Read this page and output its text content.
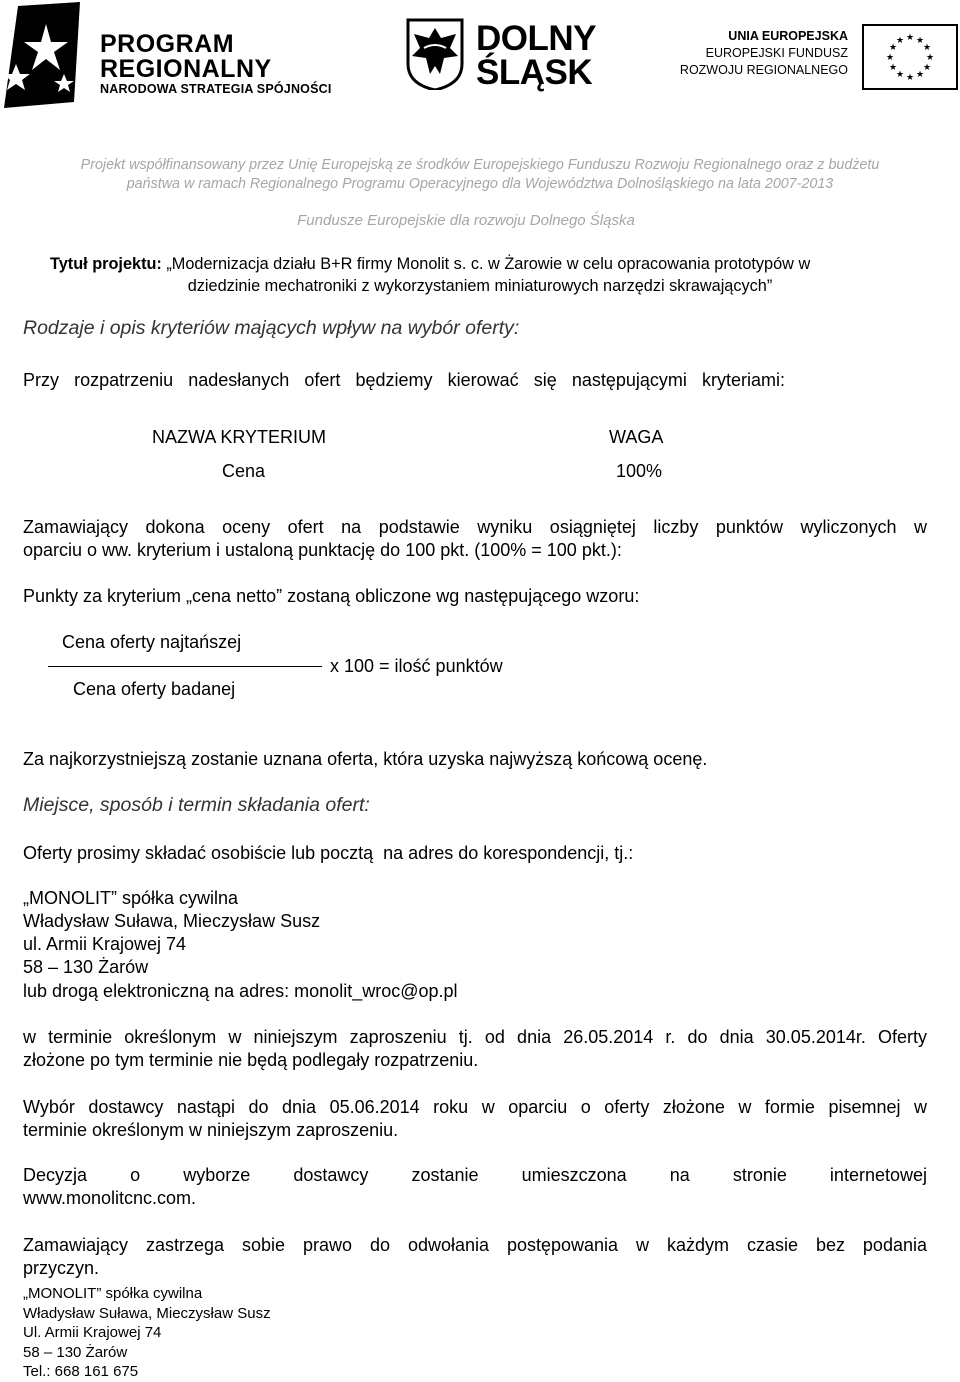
PROGRAM
REGIONALNY
NARODOWA STRATEGIA SPÓJNOŚCI
DOLNY
ŚLĄSK
UNIA EUROPEJSKA
EUROPEJSKI FUNDUSZ
ROZWOJU REGIONALNEGO
★ ★
★
★
★
★
★
★
★
★
★
★
Projekt współfinansowany przez Unię Europejską ze środków Europejskiego Funduszu Rozwoju Regionalnego oraz z budżetu
państwa w ramach Regionalnego Programu Operacyjnego dla Województwa Dolnośląskiego na lata 2007-2013
Fundusze Europejskie dla rozwoju Dolnego Śląska
Tytuł projektu: „Modernizacja działu B+R firmy Monolit s. c. w Żarowie w celu opracowania prototypów w
dziedzinie mechatroniki z wykorzystaniem miniaturowych narzędzi skrawających”
Rodzaje i opis kryteriów mających wpływ na wybór oferty:
Przy rozpatrzeniu nadesłanych ofert będziemy kierować się następującymi kryteriami:
NAZWA KRYTERIUM	WAGA
Cena	100%
Zamawiający dokona oceny ofert na podstawie wyniku osiągniętej liczby punktów wyliczonych w
oparciu o ww. kryterium i ustaloną punktację do 100 pkt. (100% = 100 pkt.):
Punkty za kryterium „cena netto” zostaną obliczone wg następującego wzoru:
Cena oferty najtańszej
x 100 = ilość punktów
Cena oferty badanej
Za najkorzystniejszą zostanie uznana oferta, która uzyska najwyższą końcową ocenę.
Miejsce, sposób i termin składania ofert:
Oferty prosimy składać osobiście lub pocztą  na adres do korespondencji, tj.:
„MONOLIT” spółka cywilna
Władysław Suława, Mieczysław Susz
ul. Armii Krajowej 74
58 – 130 Żarów
lub drogą elektroniczną na adres: monolit_wroc@op.pl
w terminie określonym w niniejszym zaproszeniu tj. od dnia 26.05.2014 r. do dnia 30.05.2014r. Oferty
złożone po tym terminie nie będą podlegały rozpatrzeniu.
Wybór dostawcy nastąpi do dnia 05.06.2014 roku w oparciu o oferty złożone w formie pisemnej w
terminie określonym w niniejszym zaproszeniu.
Decyzja o wyborze dostawcy zostanie umieszczona na stronie internetowej
www.monolitcnc.com.
Zamawiający zastrzega sobie prawo do odwołania postępowania w każdym czasie bez podania
przyczyn.
„MONOLIT” spółka cywilna
Władysław Suława, Mieczysław Susz
Ul. Armii Krajowej 74
58 – 130 Żarów
Tel.: 668 161 675
